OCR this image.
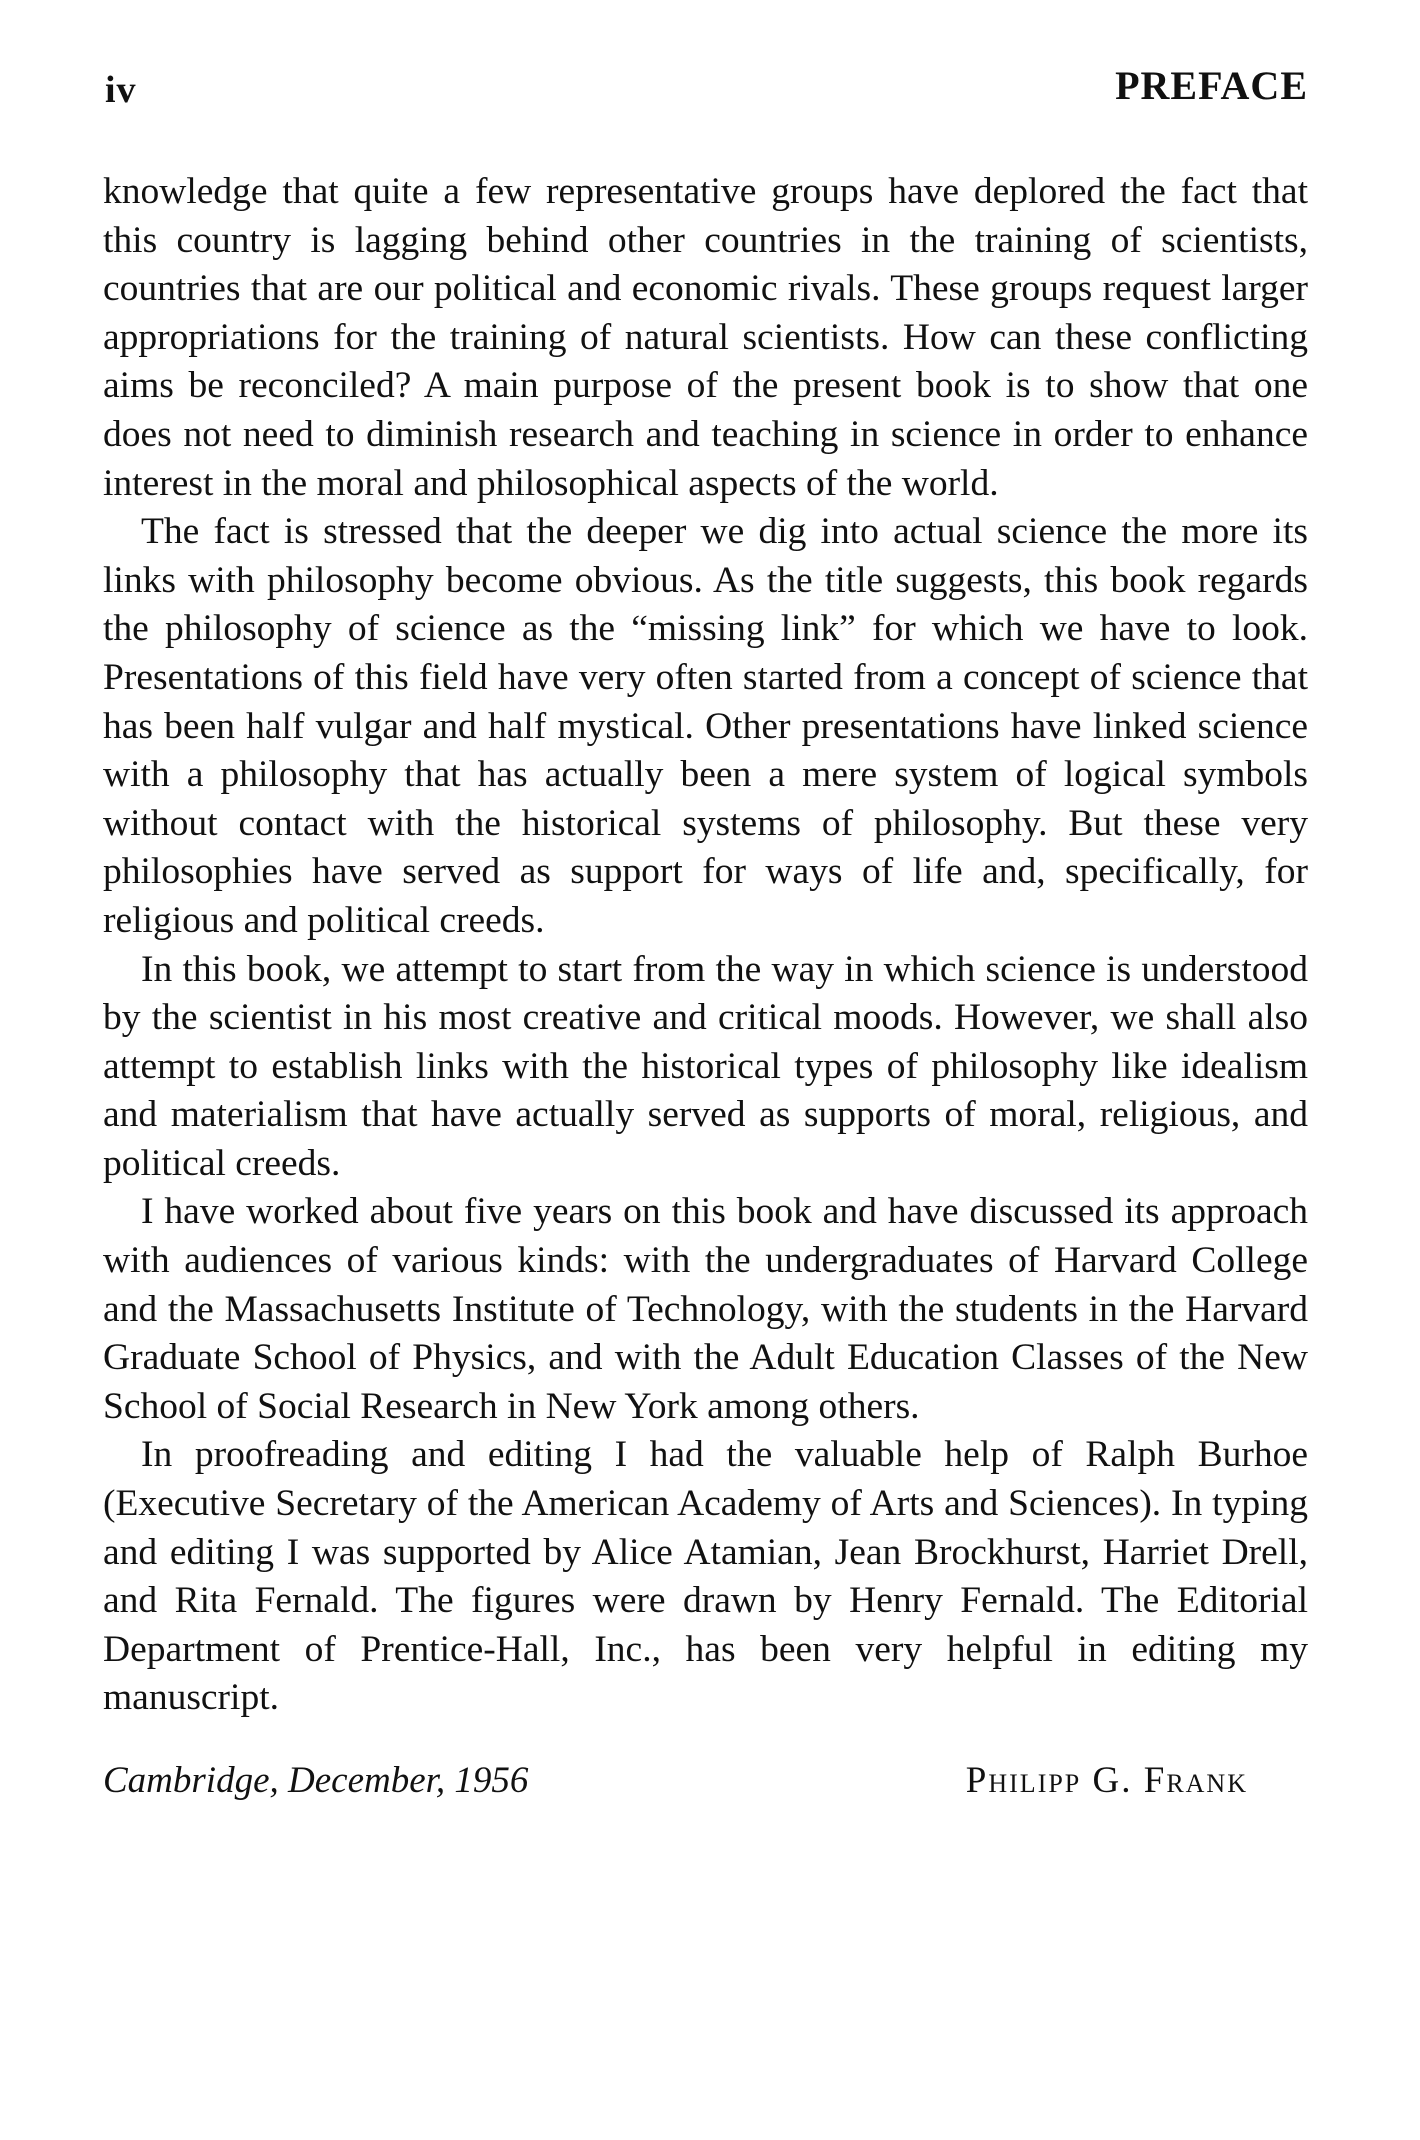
iv	PREFACE

knowledge that quite a few representative groups have deplored the fact that this country is lagging behind other countries in the training of scientists, countries that are our political and economic rivals. These groups request larger appropriations for the training of natural scientists. How can these conflicting aims be reconciled? A main purpose of the present book is to show that one does not need to diminish research and teaching in science in order to enhance interest in the moral and philosophical aspects of the world.

The fact is stressed that the deeper we dig into actual science the more its links with philosophy become obvious. As the title suggests, this book regards the philosophy of science as the “missing link” for which we have to look. Presentations of this field have very often started from a concept of science that has been half vulgar and half mystical. Other presentations have linked science with a philosophy that has actually been a mere system of logical symbols without contact with the historical systems of philosophy. But these very philosophies have served as support for ways of life and, specifically, for religious and political creeds.

In this book, we attempt to start from the way in which science is understood by the scientist in his most creative and critical moods. However, we shall also attempt to establish links with the historical types of philosophy like idealism and materialism that have actually served as supports of moral, religious, and political creeds.

I have worked about five years on this book and have discussed its approach with audiences of various kinds: with the undergraduates of Harvard College and the Massachusetts Institute of Technology, with the students in the Harvard Graduate School of Physics, and with the Adult Education Classes of the New School of Social Research in New York among others.

In proofreading and editing I had the valuable help of Ralph Burhoe (Executive Secretary of the American Academy of Arts and Sciences). In typing and editing I was supported by Alice Atamian, Jean Brockhurst, Harriet Drell, and Rita Fernald. The figures were drawn by Henry Fernald. The Editorial Department of Prentice-Hall, Inc., has been very helpful in editing my manuscript.

Cambridge, December, 1956	Philipp G. Frank
